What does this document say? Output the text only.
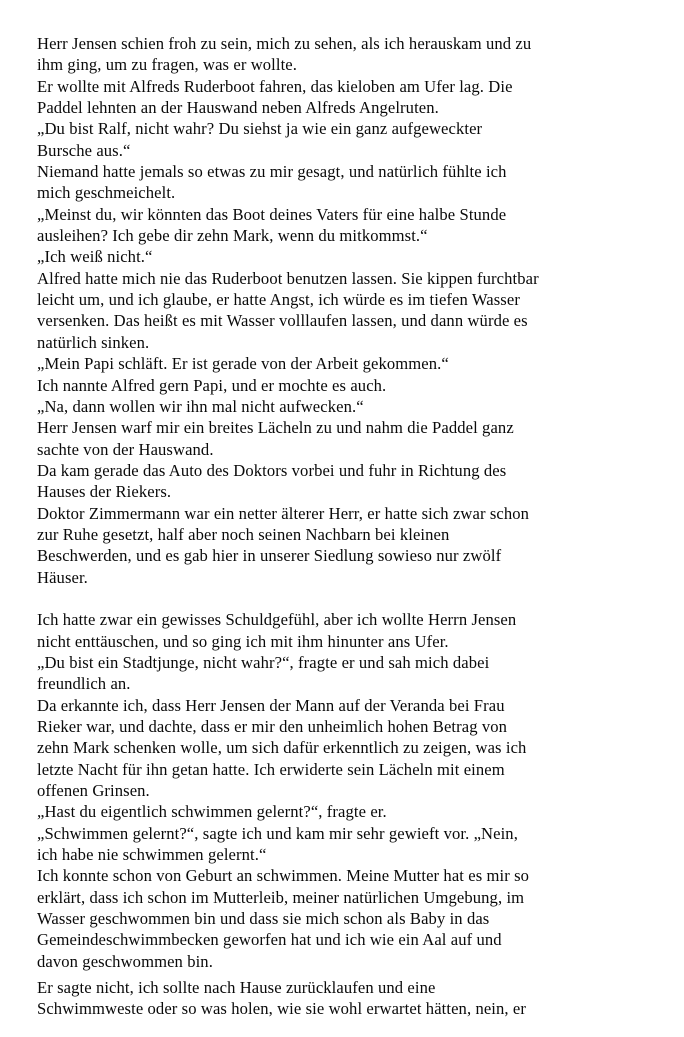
Herr Jensen schien froh zu sein, mich zu sehen, als ich herauskam und zu
ihm ging, um zu fragen, was er wollte.
Er wollte mit Alfreds Ruderboot fahren, das kieloben am Ufer lag. Die
Paddel lehnten an der Hauswand neben Alfreds Angelruten.
„Du bist Ralf, nicht wahr? Du siehst ja wie ein ganz aufgeweckter
Bursche aus.“
Niemand hatte jemals so etwas zu mir gesagt, und natürlich fühlte ich
mich geschmeichelt.
„Meinst du, wir könnten das Boot deines Vaters für eine halbe Stunde
ausleihen? Ich gebe dir zehn Mark, wenn du mitkommst.“
„Ich weiß nicht.“
Alfred hatte mich nie das Ruderboot benutzen lassen. Sie kippen furchtbar
leicht um, und ich glaube, er hatte Angst, ich würde es im tiefen Wasser
versenken. Das heißt es mit Wasser volllaufen lassen, und dann würde es
natürlich sinken.
„Mein Papi schläft. Er ist gerade von der Arbeit gekommen.“
Ich nannte Alfred gern Papi, und er mochte es auch.
„Na, dann wollen wir ihn mal nicht aufwecken.“
Herr Jensen warf mir ein breites Lächeln zu und nahm die Paddel ganz
sachte von der Hauswand.
Da kam gerade das Auto des Doktors vorbei und fuhr in Richtung des
Hauses der Riekers.
Doktor Zimmermann war ein netter älterer Herr, er hatte sich zwar schon
zur Ruhe gesetzt, half aber noch seinen Nachbarn bei kleinen
Beschwerden, und es gab hier in unserer Siedlung sowieso nur zwölf
Häuser.
Ich hatte zwar ein gewisses Schuldgefühl, aber ich wollte Herrn Jensen
nicht enttäuschen, und so ging ich mit ihm hinunter ans Ufer.
„Du bist ein Stadtjunge, nicht wahr?“, fragte er und sah mich dabei
freundlich an.
Da erkannte ich, dass Herr Jensen der Mann auf der Veranda bei Frau
Rieker war, und dachte, dass er mir den unheimlich hohen Betrag von
zehn Mark schenken wolle, um sich dafür erkenntlich zu zeigen, was ich
letzte Nacht für ihn getan hatte. Ich erwiderte sein Lächeln mit einem
offenen Grinsen.
„Hast du eigentlich schwimmen gelernt?“, fragte er.
„Schwimmen gelernt?“, sagte ich und kam mir sehr gewieft vor. „Nein,
ich habe nie schwimmen gelernt.“
Ich konnte schon von Geburt an schwimmen. Meine Mutter hat es mir so
erklärt, dass ich schon im Mutterleib, meiner natürlichen Umgebung, im
Wasser geschwommen bin und dass sie mich schon als Baby in das
Gemeindeschwimmbecken geworfen hat und ich wie ein Aal auf und
davon geschwommen bin.
Er sagte nicht, ich sollte nach Hause zurücklaufen und eine
Schwimmweste oder so was holen, wie sie wohl erwartet hätten, nein, er
